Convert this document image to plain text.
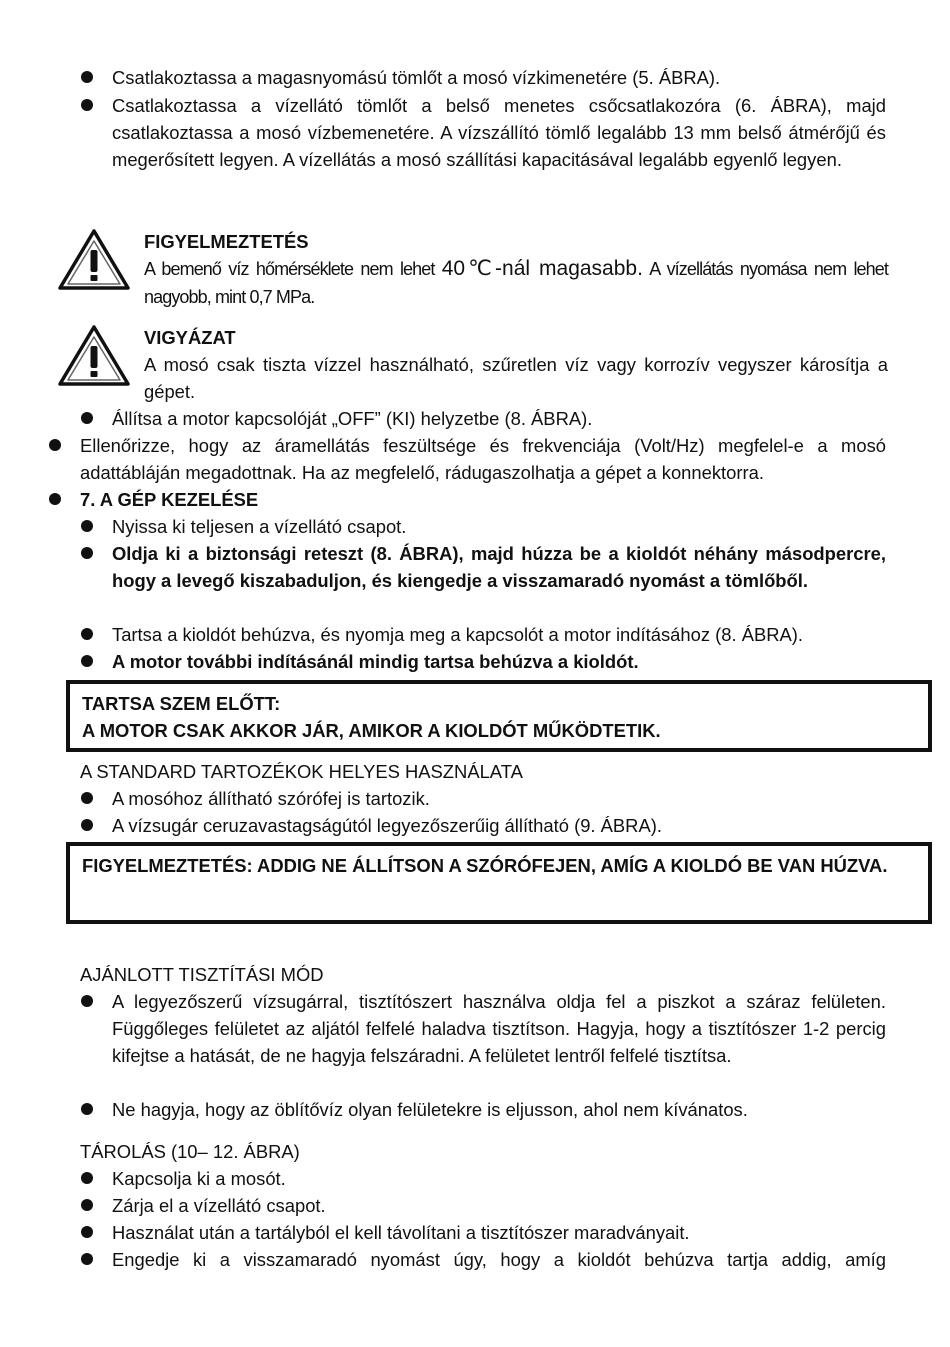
Csatlakoztassa a magasnyomású tömlőt a mosó vízkimenetére (5. ÁBRA).
Csatlakoztassa a vízellátó tömlőt a belső menetes csőcsatlakozóra (6. ÁBRA), majd csatlakoztassa a mosó vízbemenetére. A vízszállító tömlő legalább 13 mm belső átmérőjű és megerősített legyen. A vízellátás a mosó szállítási kapacitásával legalább egyenlő legyen.
FIGYELMEZTETÉS
A bemenő víz hőmérséklete nem lehet 40℃-nál magasabb. A vízellátás nyomása nem lehet nagyobb, mint 0,7 MPa.
VIGYÁZAT
A mosó csak tiszta vízzel használható, szűretlen víz vagy korrozív vegyszer károsítja a gépet.
Állítsa a motor kapcsolóját „OFF” (KI) helyzetbe (8. ÁBRA).
Ellenőrizze, hogy az áramellátás feszültsége és frekvenciája (Volt/Hz) megfelel-e a mosó adattábláján megadottnak. Ha az megfelelő, rádugaszolhatja a gépet a konnektorra.
7. A GÉP KEZELÉSE
Nyissa ki teljesen a vízellátó csapot.
Oldja ki a biztonsági reteszt (8. ÁBRA), majd húzza be a kioldót néhány másodpercre, hogy a levegő kiszabaduljon, és kiengedje a visszamaradó nyomást a tömlőből.
Tartsa a kioldót behúzva, és nyomja meg a kapcsolót a motor indításához (8. ÁBRA).
A motor további indításánál mindig tartsa behúzva a kioldót.
TARTSA SZEM ELŐTT:
A MOTOR CSAK AKKOR JÁR, AMIKOR A KIOLDÓT MŰKÖDTETIK.
A STANDARD TARTOZÉKOK HELYES HASZNÁLATA
A mosóhoz állítható szórófej is tartozik.
A vízsugár ceruzavastagságútól legyezőszerűig állítható (9. ÁBRA).
FIGYELMEZTETÉS: ADDIG NE ÁLLÍTSON A SZÓRÓFEJEN, AMÍG A KIOLDÓ BE VAN HÚZVA.
AJÁNLOTT TISZTÍTÁSI MÓD
A legyezőszerű vízsugárral, tisztítószert használva oldja fel a piszkot a száraz felületen. Függőleges felületet az aljától felfelé haladva tisztítson. Hagyja, hogy a tisztítószer 1-2 percig kifejtse a hatását, de ne hagyja felszáradni. A felületet lentről felfelé tisztítsa.
Ne hagyja, hogy az öblítővíz olyan felületekre is eljusson, ahol nem kívánatos.
TÁROLÁS (10– 12. ÁBRA)
Kapcsolja ki a mosót.
Zárja el a vízellátó csapot.
Használat után a tartályból el kell távolítani a tisztítószer maradványait.
Engedje ki a visszamaradó nyomást úgy, hogy a kioldót behúzva tartja addig, amíg
